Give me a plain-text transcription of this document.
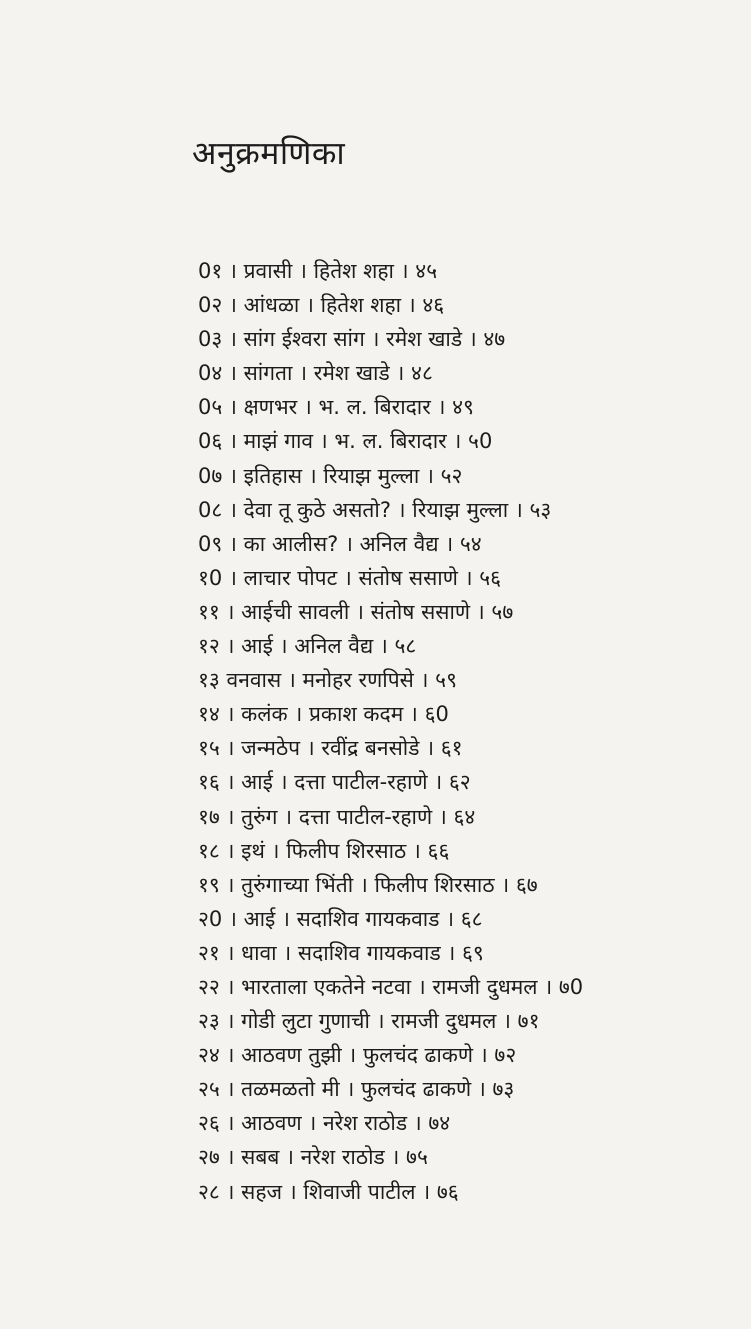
अनुक्रमणिका
0१ । प्रवासी । हितेश शहा । ४५
0२ । आंधळा । हितेश शहा । ४६
0३ । सांग ईश्वरा सांग । रमेश खाडे । ४७
0४ । सांगता । रमेश खाडे । ४८
0५ । क्षणभर । भ. ल. बिरादार । ४९
0६ । माझं गाव । भ. ल. बिरादार । ५0
0७ । इतिहास । रियाझ मुल्ला । ५२
0८ । देवा तू कुठे असतो? । रियाझ मुल्ला । ५३
0९ । का आलीस? । अनिल वैद्य । ५४
१0 । लाचार पोपट । संतोष ससाणे । ५६
११ । आईची सावली । संतोष ससाणे । ५७
१२ । आई । अनिल वैद्य । ५८
१३ वनवास । मनोहर रणपिसे । ५९
१४ । कलंक । प्रकाश कदम । ६0
१५ । जन्मठेप । रवींद्र बनसोडे । ६१
१६ । आई । दत्ता पाटील-रहाणे । ६२
१७ । तुरुंग । दत्ता पाटील-रहाणे । ६४
१८ । इथं । फिलीप शिरसाठ । ६६
१९ । तुरुंगाच्या भिंती । फिलीप शिरसाठ । ६७
२0 । आई । सदाशिव गायकवाड । ६८
२१ । धावा । सदाशिव गायकवाड । ६९
२२ । भारताला एकतेने नटवा । रामजी दुधमल । ७0
२३ । गोडी लुटा गुणाची । रामजी दुधमल । ७१
२४ । आठवण तुझी । फुलचंद ढाकणे । ७२
२५ । तळमळतो मी । फुलचंद ढाकणे । ७३
२६ । आठवण । नरेश राठोड । ७४
२७ । सबब । नरेश राठोड । ७५
२८ । सहज । शिवाजी पाटील । ७६
